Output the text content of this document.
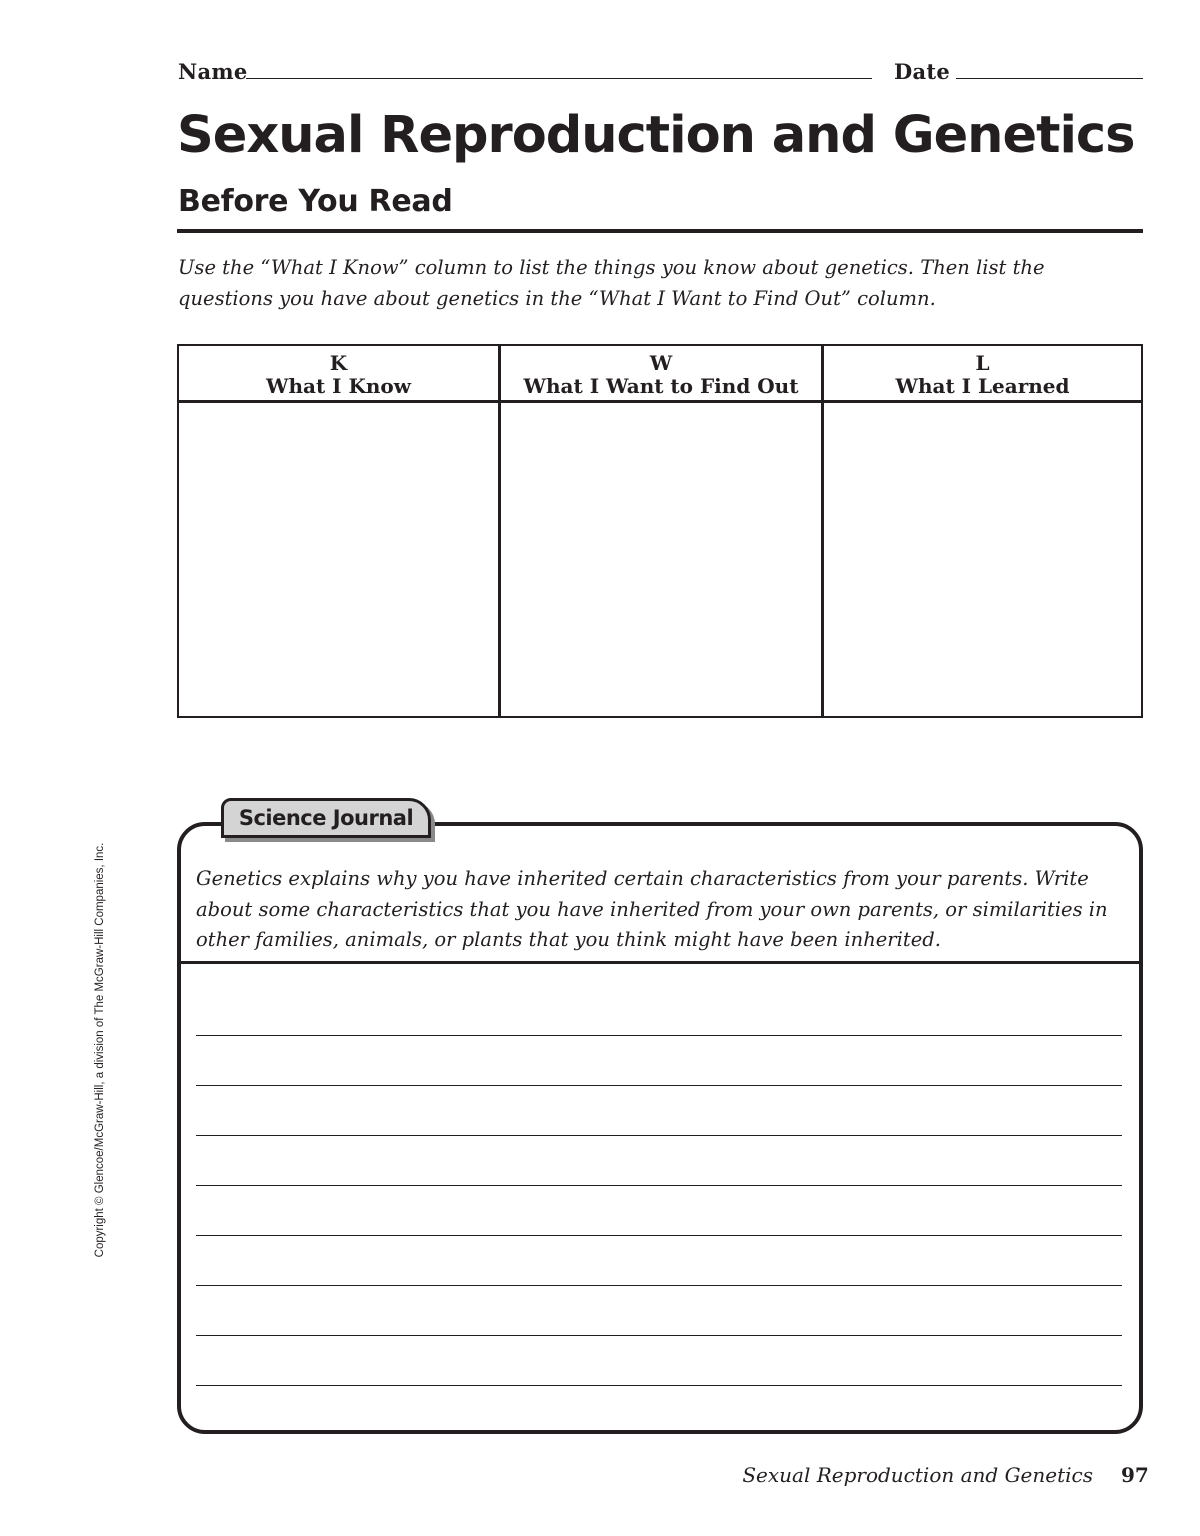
Name	Date
Sexual Reproduction and Genetics
Before You Read
Use the “What I Know” column to list the things you know about genetics. Then list the questions you have about genetics in the “What I Want to Find Out” column.
K
What I Know
W
What I Want to Find Out
L
What I Learned
Science Journal
Genetics explains why you have inherited certain characteristics from your parents. Write about some characteristics that you have inherited from your own parents, or similarities in other families, animals, or plants that you think might have been inherited.
Copyright © Glencoe/McGraw-Hill, a division of The McGraw-Hill Companies, Inc.
Sexual Reproduction and Genetics 97
